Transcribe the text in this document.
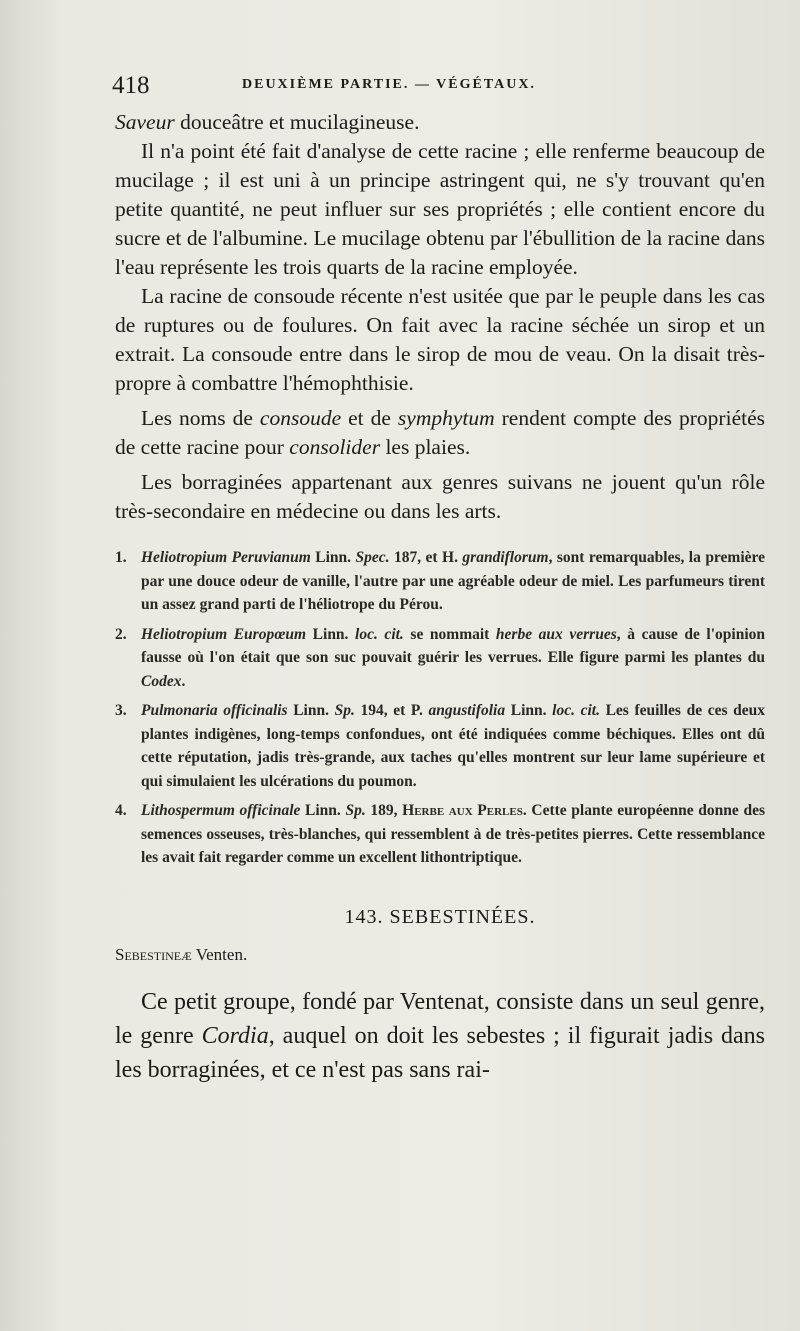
418	DEUXIÈME PARTIE. — VÉGÉTAUX.

Saveur douceâtre et mucilagineuse.

Il n'a point été fait d'analyse de cette racine ; elle renferme beaucoup de mucilage ; il est uni à un principe astringent qui, ne s'y trouvant qu'en petite quantité, ne peut influer sur ses propriétés ; elle contient encore du sucre et de l'albumine. Le mucilage obtenu par l'ébullition de la racine dans l'eau représente les trois quarts de la racine employée.

La racine de consoude récente n'est usitée que par le peuple dans les cas de ruptures ou de foulures. On fait avec la racine séchée un sirop et un extrait. La consoude entre dans le sirop de mou de veau. On la disait très-propre à combattre l'hémophthisie.

Les noms de consoude et de symphytum rendent compte des propriétés de cette racine pour consolider les plaies.

Les borraginées appartenant aux genres suivans ne jouent qu'un rôle très-secondaire en médecine ou dans les arts.

1. Heliotropium Peruvianum Linn. Spec. 187, et H. grandiflorum, sont remarquables, la première par une douce odeur de vanille, l'autre par une agréable odeur de miel. Les parfumeurs tirent un assez grand parti de l'héliotrope du Pérou.

2. Heliotropium Europœum Linn. loc. cit. se nommait herbe aux verrues, à cause de l'opinion fausse où l'on était que son suc pouvait guérir les verrues. Elle figure parmi les plantes du Codex.

3. Pulmonaria officinalis Linn. Sp. 194, et P. angustifolia Linn. loc. cit. Les feuilles de ces deux plantes indigènes, long-temps confondues, ont été indiquées comme béchiques. Elles ont dû cette réputation, jadis très-grande, aux taches qu'elles montrent sur leur lame supérieure et qui simulaient les ulcérations du poumon.

4. Lithospermum officinale Linn. Sp. 189, Herbe aux Perles. Cette plante européenne donne des semences osseuses, très-blanches, qui ressemblent à de très-petites pierres. Cette ressemblance les avait fait regarder comme un excellent lithontriptique.

143. SEBESTINÉES.

Sebestineæ Venten.

Ce petit groupe, fondé par Ventenat, consiste dans un seul genre, le genre Cordia, auquel on doit les sebestes ; il figurait jadis dans les borraginées, et ce n'est pas sans rai-
